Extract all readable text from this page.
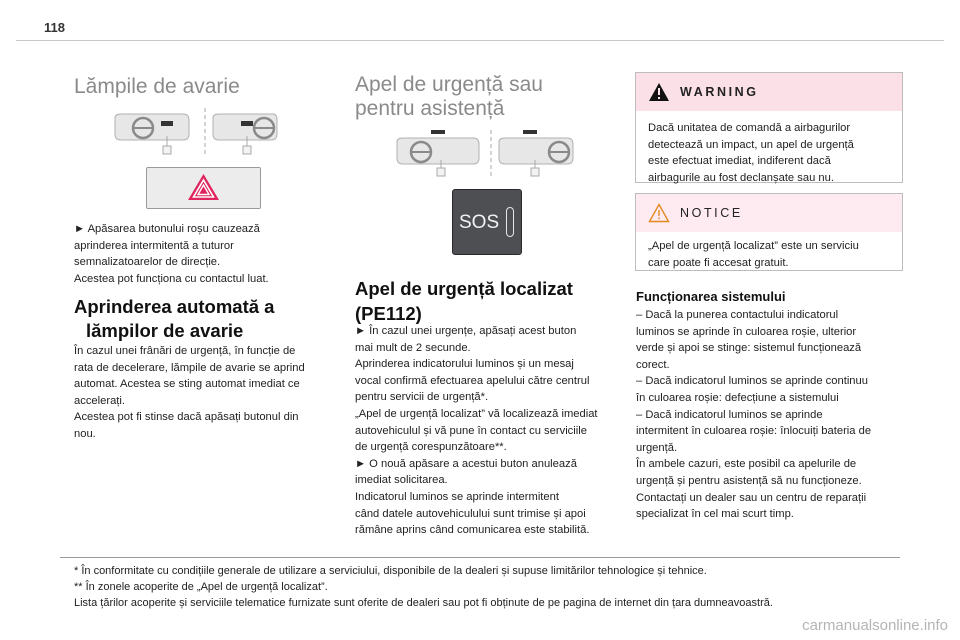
118
Lămpile de avarie

► Apăsarea butonului roșu cauzează

aprinderea intermitentă a tuturor

semnalizatoarelor de direcție.

Acestea pot funcționa cu contactul luat.

Aprinderea automată a
lămpilor de avarie

În cazul unei frânări de urgență, în funcție de

rata de decelerare, lămpile de avarie se aprind

automat. Acestea se sting automat imediat ce

accelerați.

Acestea pot fi stinse dacă apăsați butonul din

nou.

Apel de urgență sau
pentru asistență
SOS
Apel de urgență localizat
(PE112)

► În cazul unei urgențe, apăsați acest buton

mai mult de 2 secunde.

Aprinderea indicatorului luminos și un mesaj

vocal confirmă efectuarea apelului către centrul

pentru servicii de urgență*.

„Apel de urgență localizat” vă localizează imediat

autovehiculul și vă pune în contact cu serviciile

de urgență corespunzătoare**.

► O nouă apăsare a acestui buton anulează

imediat solicitarea.

Indicatorul luminos se aprinde intermitent

când datele autovehiculului sunt trimise și apoi

rămâne aprins când comunicarea este stabilită.

WARNING

Dacă unitatea de comandă a airbagurilor

detectează un impact, un apel de urgență

este efectuat imediat, indiferent dacă

airbagurile au fost declanșate sau nu.

NOTICE

„Apel de urgență localizat” este un serviciu

care poate fi accesat gratuit.

Funcționarea sistemului

– Dacă la punerea contactului indicatorul

luminos se aprinde în culoarea roșie, ulterior

verde și apoi se stinge: sistemul funcționează

corect.

– Dacă indicatorul luminos se aprinde continuu

în culoarea roșie: defecțiune a sistemului

– Dacă indicatorul luminos se aprinde

intermitent în culoarea roșie: înlocuiți bateria de

urgență.

În ambele cazuri, este posibil ca apelurile de

urgență și pentru asistență să nu funcționeze.

Contactați un dealer sau un centru de reparații

specializat în cel mai scurt timp.

* În conformitate cu condițiile generale de utilizare a serviciului, disponibile de la dealeri și supuse limitărilor tehnologice și tehnice.

** În zonele acoperite de „Apel de urgență localizat”.

Lista țărilor acoperite și serviciile telematice furnizate sunt oferite de dealeri sau pot fi obținute de pe pagina de internet din țara dumneavoastră.

carmanualsonline.info
